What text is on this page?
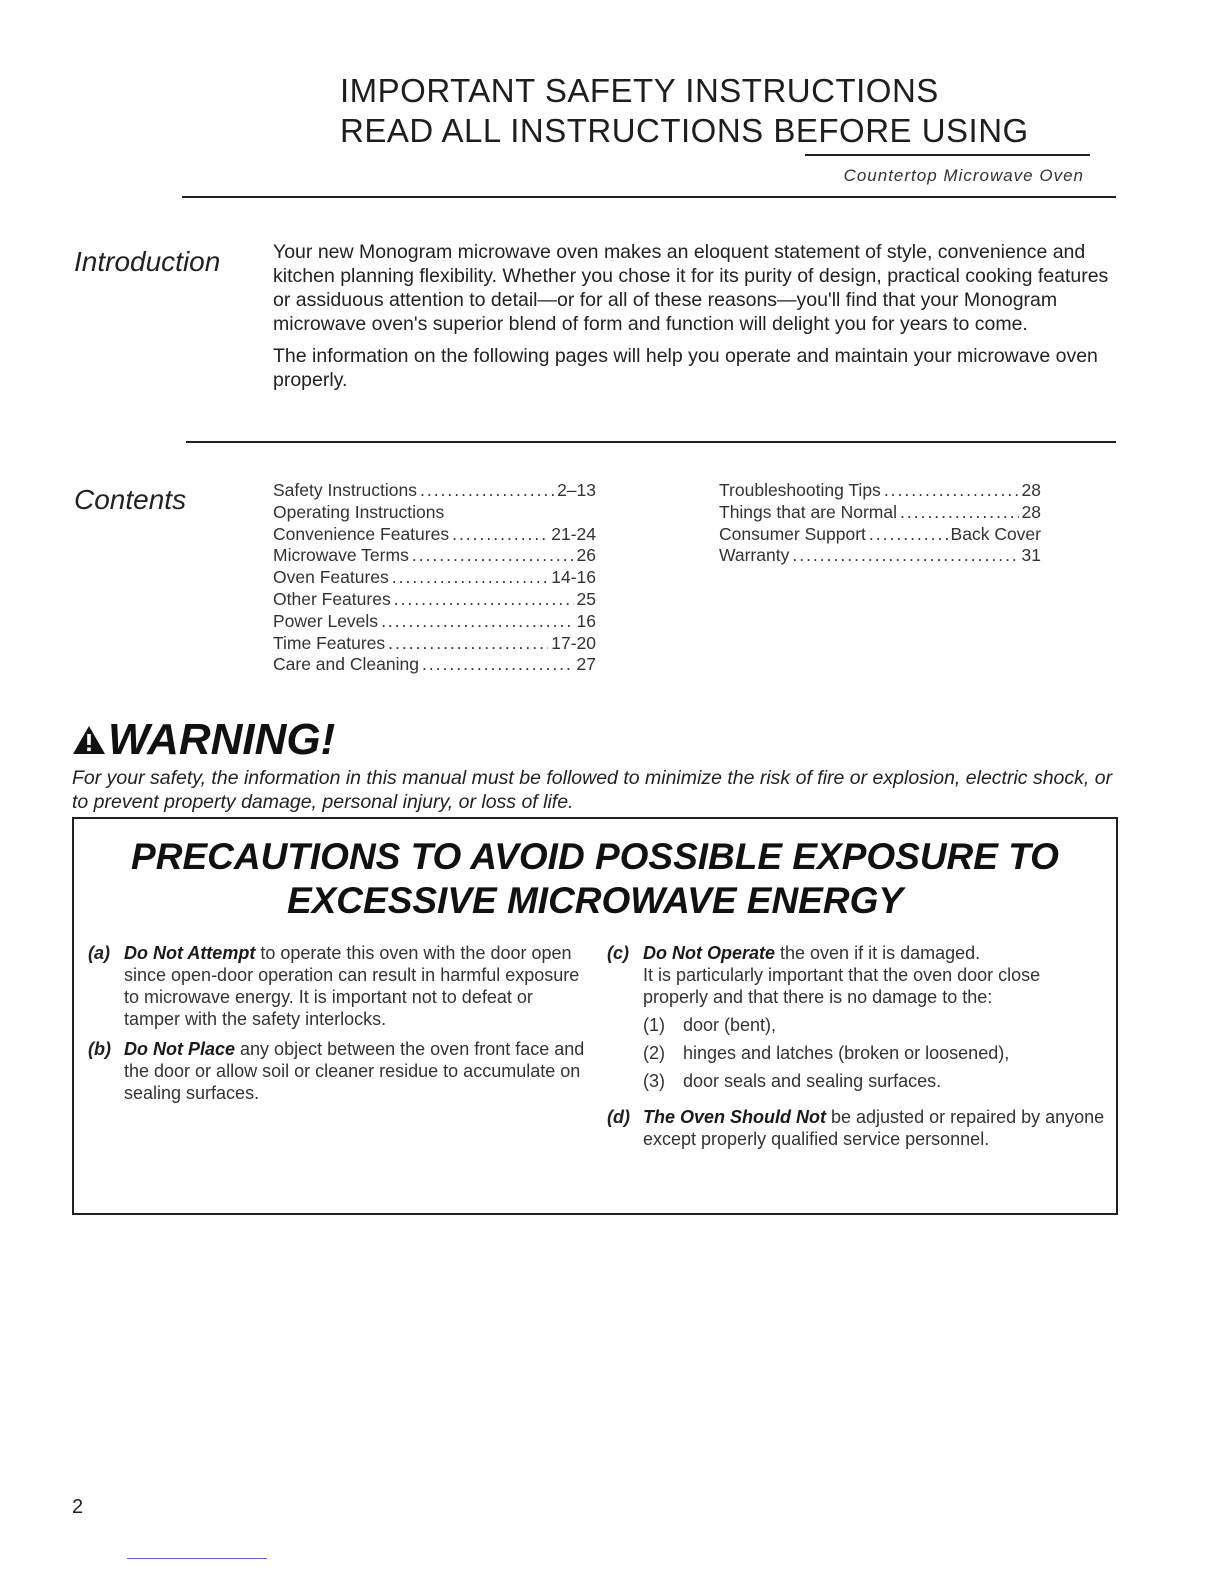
IMPORTANT SAFETY INSTRUCTIONS
READ ALL INSTRUCTIONS BEFORE USING
Countertop Microwave Oven
Introduction	Your new Monogram microwave oven makes an eloquent statement of style, convenience and kitchen planning flexibility. Whether you chose it for its purity of design, practical cooking features or assiduous attention to detail—or for all of these reasons—you'll find that your Monogram microwave oven's superior blend of form and function will delight you for years to come.

The information on the following pages will help you operate and maintain your microwave oven properly.

Contents	Safety Instructions .....	2–13
Operating Instructions
Convenience Features .....	21-24
Microwave Terms .....	26
Oven Features .....	14-16
Other Features .....	25
Power Levels .....	16
Time Features .....	17-20
Care and Cleaning .....	27
Troubleshooting Tips .....	28
Things that are Normal .....	28
Consumer Support .....	Back Cover
Warranty .....	31
WARNING!
For your safety, the information in this manual must be followed to minimize the risk of fire or explosion, electric shock, or to prevent property damage, personal injury, or loss of life.
PRECAUTIONS TO AVOID POSSIBLE EXPOSURE TO
EXCESSIVE MICROWAVE ENERGY
(a) Do Not Attempt to operate this oven with the door open since open-door operation can result in harmful exposure to microwave energy. It is important not to defeat or tamper with the safety interlocks.
(b) Do Not Place any object between the oven front face and the door or allow soil or cleaner residue to accumulate on sealing surfaces.
(c) Do Not Operate the oven if it is damaged.
It is particularly important that the oven door close properly and that there is no damage to the:
(1)	door (bent),
(2)	hinges and latches (broken or loosened),
(3)	door seals and sealing surfaces.
(d) The Oven Should Not be adjusted or repaired by anyone except properly qualified service personnel.
2
